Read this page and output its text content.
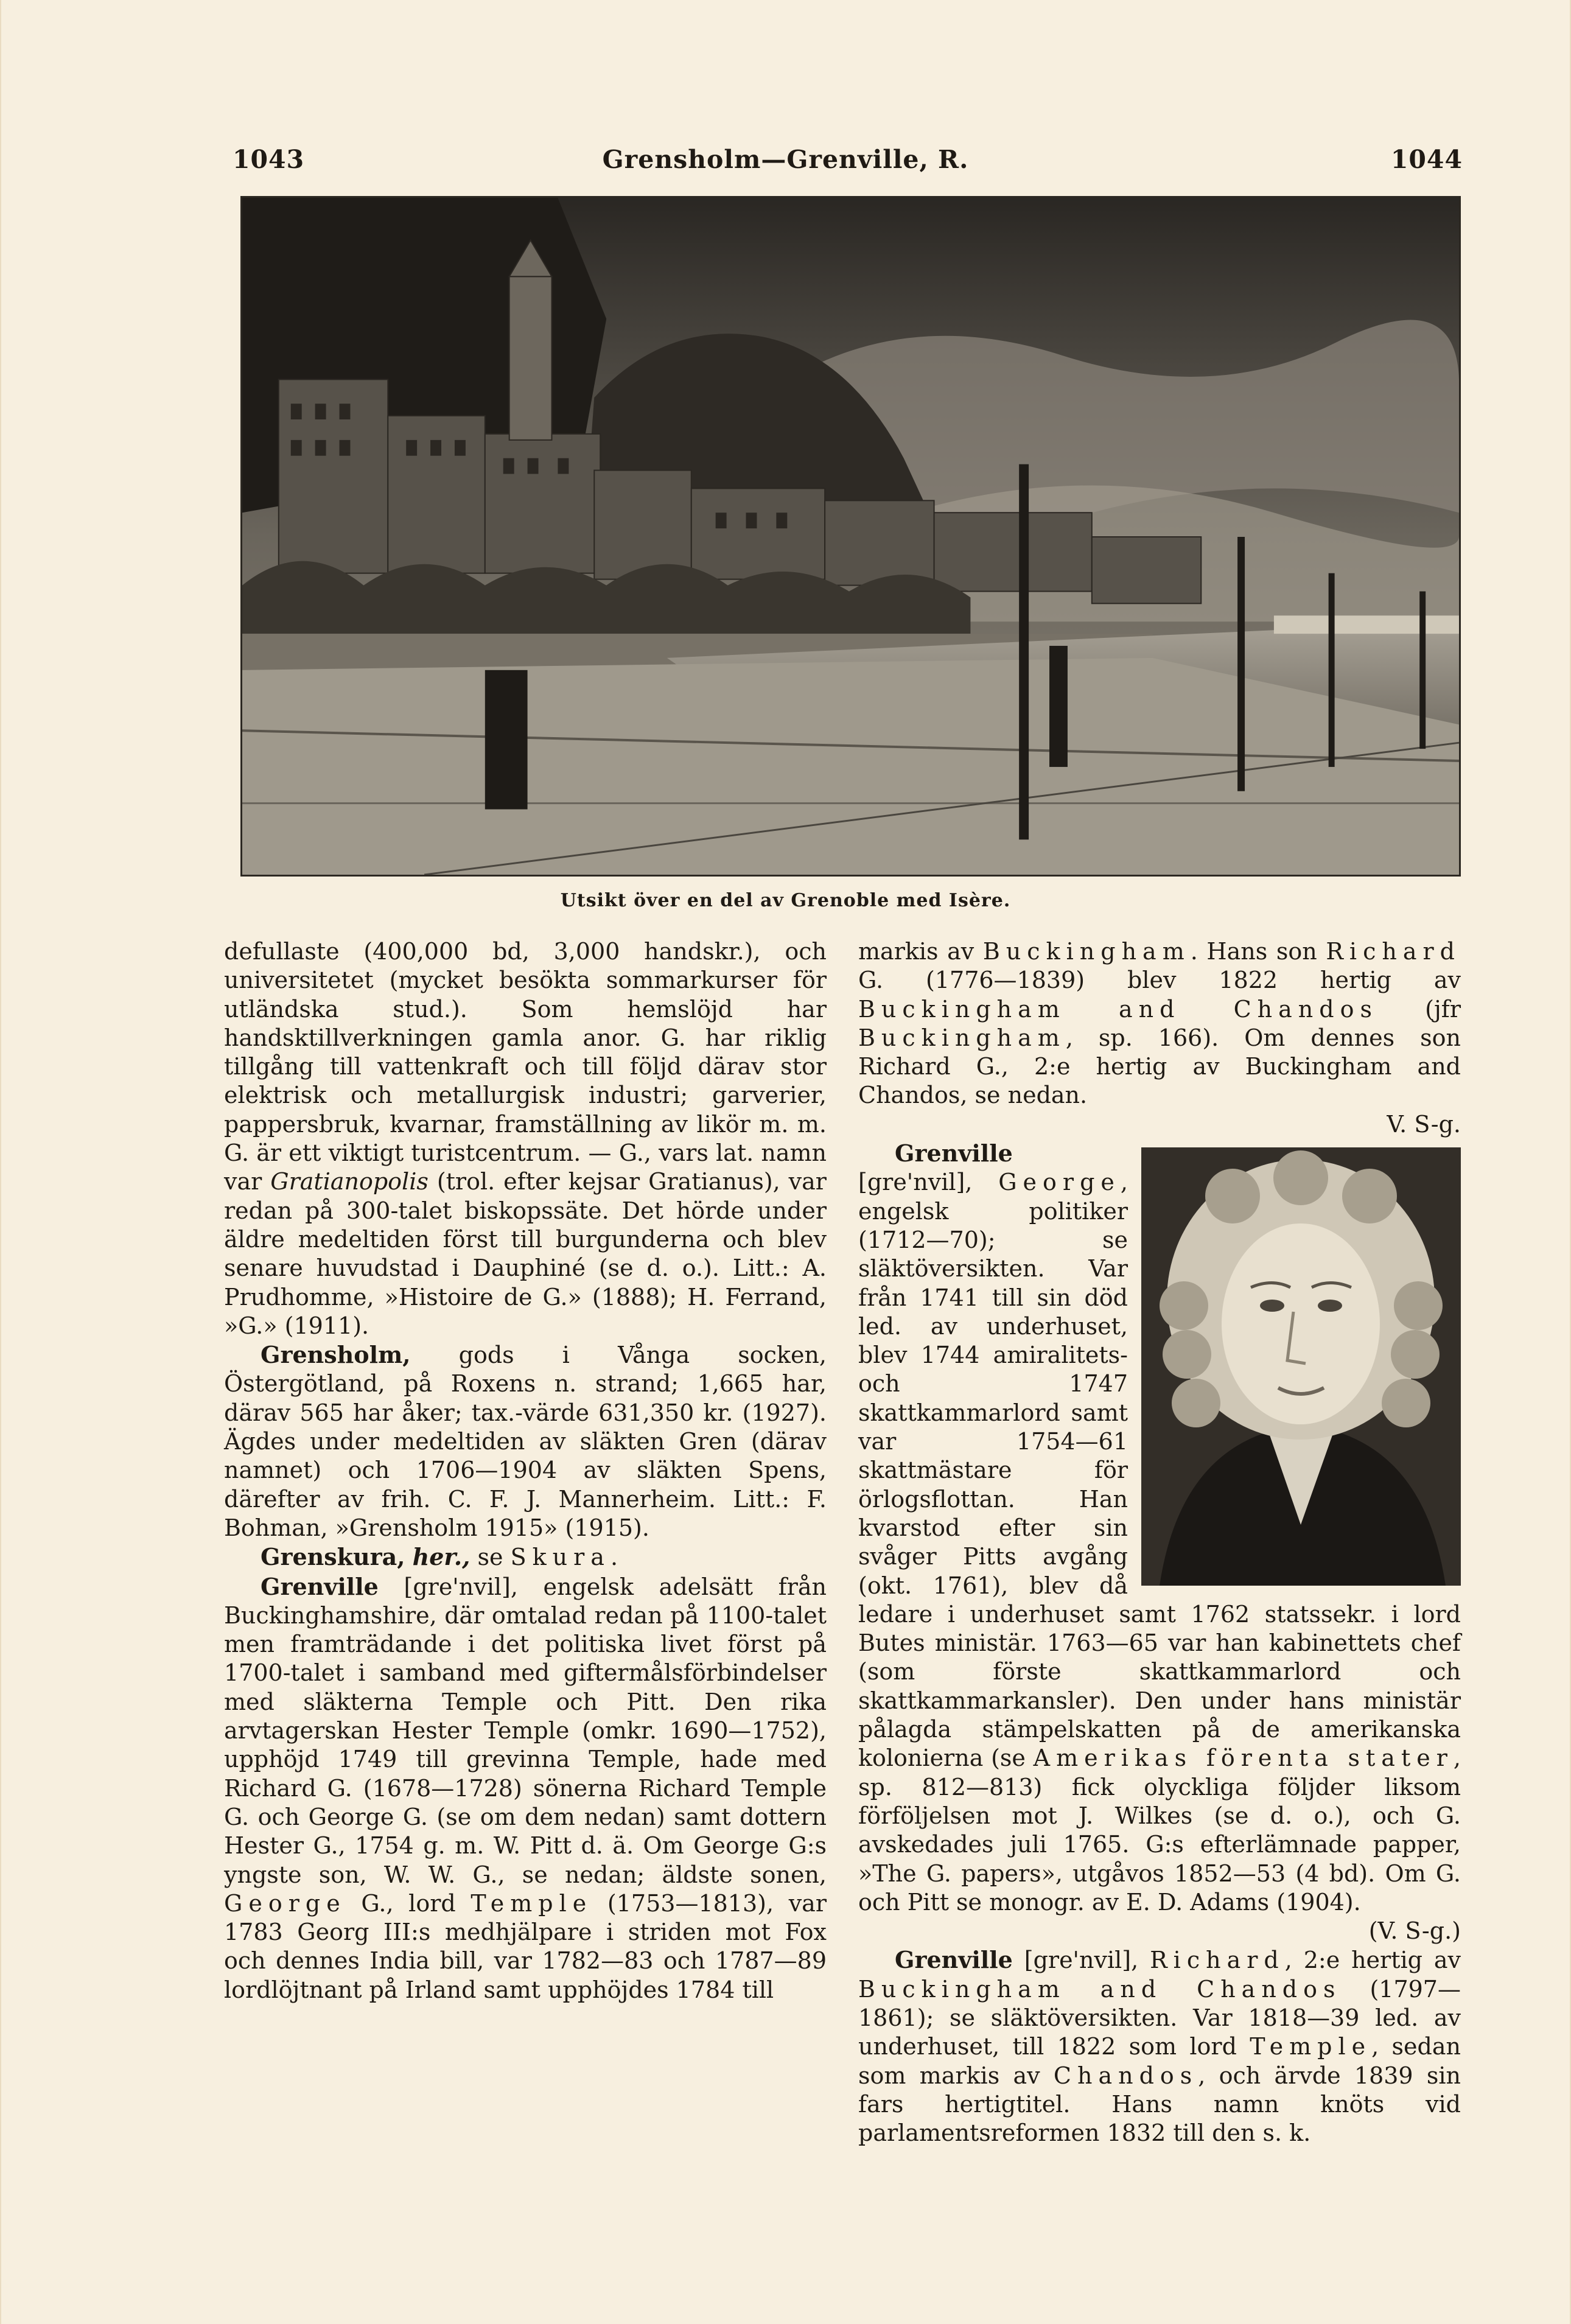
1043	Grensholm—Grenville, R.	1044
Utsikt över en del av Grenoble med Isère.

defullaste (400,000 bd, 3,000 handskr.), och universitetet (mycket besökta sommarkurser för utländska stud.). Som hemslöjd har handsktillverkningen gamla anor. G. har riklig tillgång till vattenkraft och till följd därav stor elektrisk och metallurgisk industri; garverier, pappersbruk, kvarnar, framställning av likör m. m. G. är ett viktigt turistcentrum. — G., vars lat. namn var Gratianopolis (trol. efter kejsar Gratianus), var redan på 300-talet biskopssäte. Det hörde under äldre medeltiden först till burgunderna och blev senare huvudstad i Dauphiné (se d. o.). Litt.: A. Prudhomme, »Histoire de G.» (1888); H. Ferrand, »G.» (1911).

Grensholm, gods i Vånga socken, Östergötland, på Roxens n. strand; 1,665 har, därav 565 har åker; tax.-värde 631,350 kr. (1927). Ägdes under medeltiden av släkten Gren (därav namnet) och 1706—1904 av släkten Spens, därefter av frih. C. F. J. Mannerheim. Litt.: F. Bohman, »Grensholm 1915» (1915).

Grenskura, her., se Skura.

Grenville [gre'nvil], engelsk adelsätt från Buckinghamshire, där omtalad redan på 1100-talet men framträdande i det politiska livet först på 1700-talet i samband med giftermålsförbindelser med släkterna Temple och Pitt. Den rika arvtagerskan Hester Temple (omkr. 1690—1752), upphöjd 1749 till grevinna Temple, hade med Richard G. (1678—1728) sönerna Richard Temple G. och George G. (se om dem nedan) samt dottern Hester G., 1754 g. m. W. Pitt d. ä. Om George G:s yngste son, W. W. G., se nedan; äldste sonen, George G., lord Temple (1753—1813), var 1783 Georg III:s medhjälpare i striden mot Fox och dennes India bill, var 1782—83 och 1787—89 lordlöjtnant på Irland samt upphöjdes 1784 till

markis av Buckingham. Hans son Richard G. (1776—1839) blev 1822 hertig av Buckingham and Chandos (jfr Buckingham, sp. 166). Om dennes son Richard G., 2:e hertig av Buckingham and Chandos, se nedan.

V. S-g.

Grenville [gre'nvil], George, engelsk politiker (1712—70); se släktöversikten. Var från 1741 till sin död led. av underhuset, blev 1744 amiralitets- och 1747 skattkammarlord samt var 1754—61 skattmästare för örlogsflottan. Han kvarstod efter sin svåger Pitts avgång (okt. 1761), blev då ledare i underhuset samt 1762 statssekr. i lord Butes ministär. 1763—65 var han kabinettets chef (som förste skattkammarlord och skattkammarkansler). Den under hans ministär pålagda stämpelskatten på de amerikanska kolonierna (se Amerikas förenta stater, sp. 812—813) fick olyckliga följder liksom förföljelsen mot J. Wilkes (se d. o.), och G. avskedades juli 1765. G:s efterlämnade papper, »The G. papers», utgåvos 1852—53 (4 bd). Om G. och Pitt se monogr. av E. D. Adams (1904).

(V. S-g.)

Grenville [gre'nvil], Richard, 2:e hertig av Buckingham and Chandos (1797—1861); se släktöversikten. Var 1818—39 led. av underhuset, till 1822 som lord Temple, sedan som markis av Chandos, och ärvde 1839 sin fars hertigtitel. Hans namn knöts vid parlamentsreformen 1832 till den s. k.
